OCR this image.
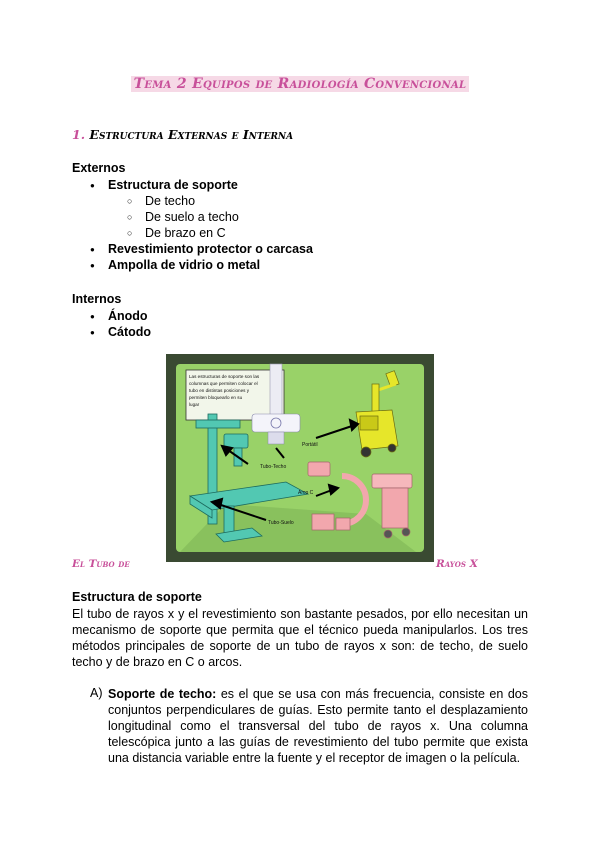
Tema 2 Equipos de Radiología Convencional
1. Estructura Externas e Interna
Externos
● Estructura de soporte
○ De techo
○ De suelo a techo
○ De brazo en C
● Revestimiento protector o carcasa
● Ampolla de vidrio o metal
Internos
● Ánodo
● Cátodo
Las estructuras de soporte son las columnas que permiten colocar el tubo en distintas posiciones y permiten bloquearlo en su lugar
Portátil
Tubo-Techo
Arco C
Tubo-Suelo
El Tubo de	Rayos X
Estructura de soporte

El tubo de rayos x y el revestimiento son bastante pesados, por ello necesitan un mecanismo de soporte que permita que el técnico pueda manipularlos. Los tres métodos principales de soporte de un tubo de rayos x son: de techo, de suelo techo y de brazo en C o arcos.

A) Soporte de techo: es el que se usa con más frecuencia, consiste en dos conjuntos perpendiculares de guías. Esto permite tanto el desplazamiento longitudinal como el transversal del tubo de rayos x. Una columna telescópica junto a las guías de revestimiento del tubo permite que exista una distancia variable entre la fuente y el receptor de imagen o la película.
